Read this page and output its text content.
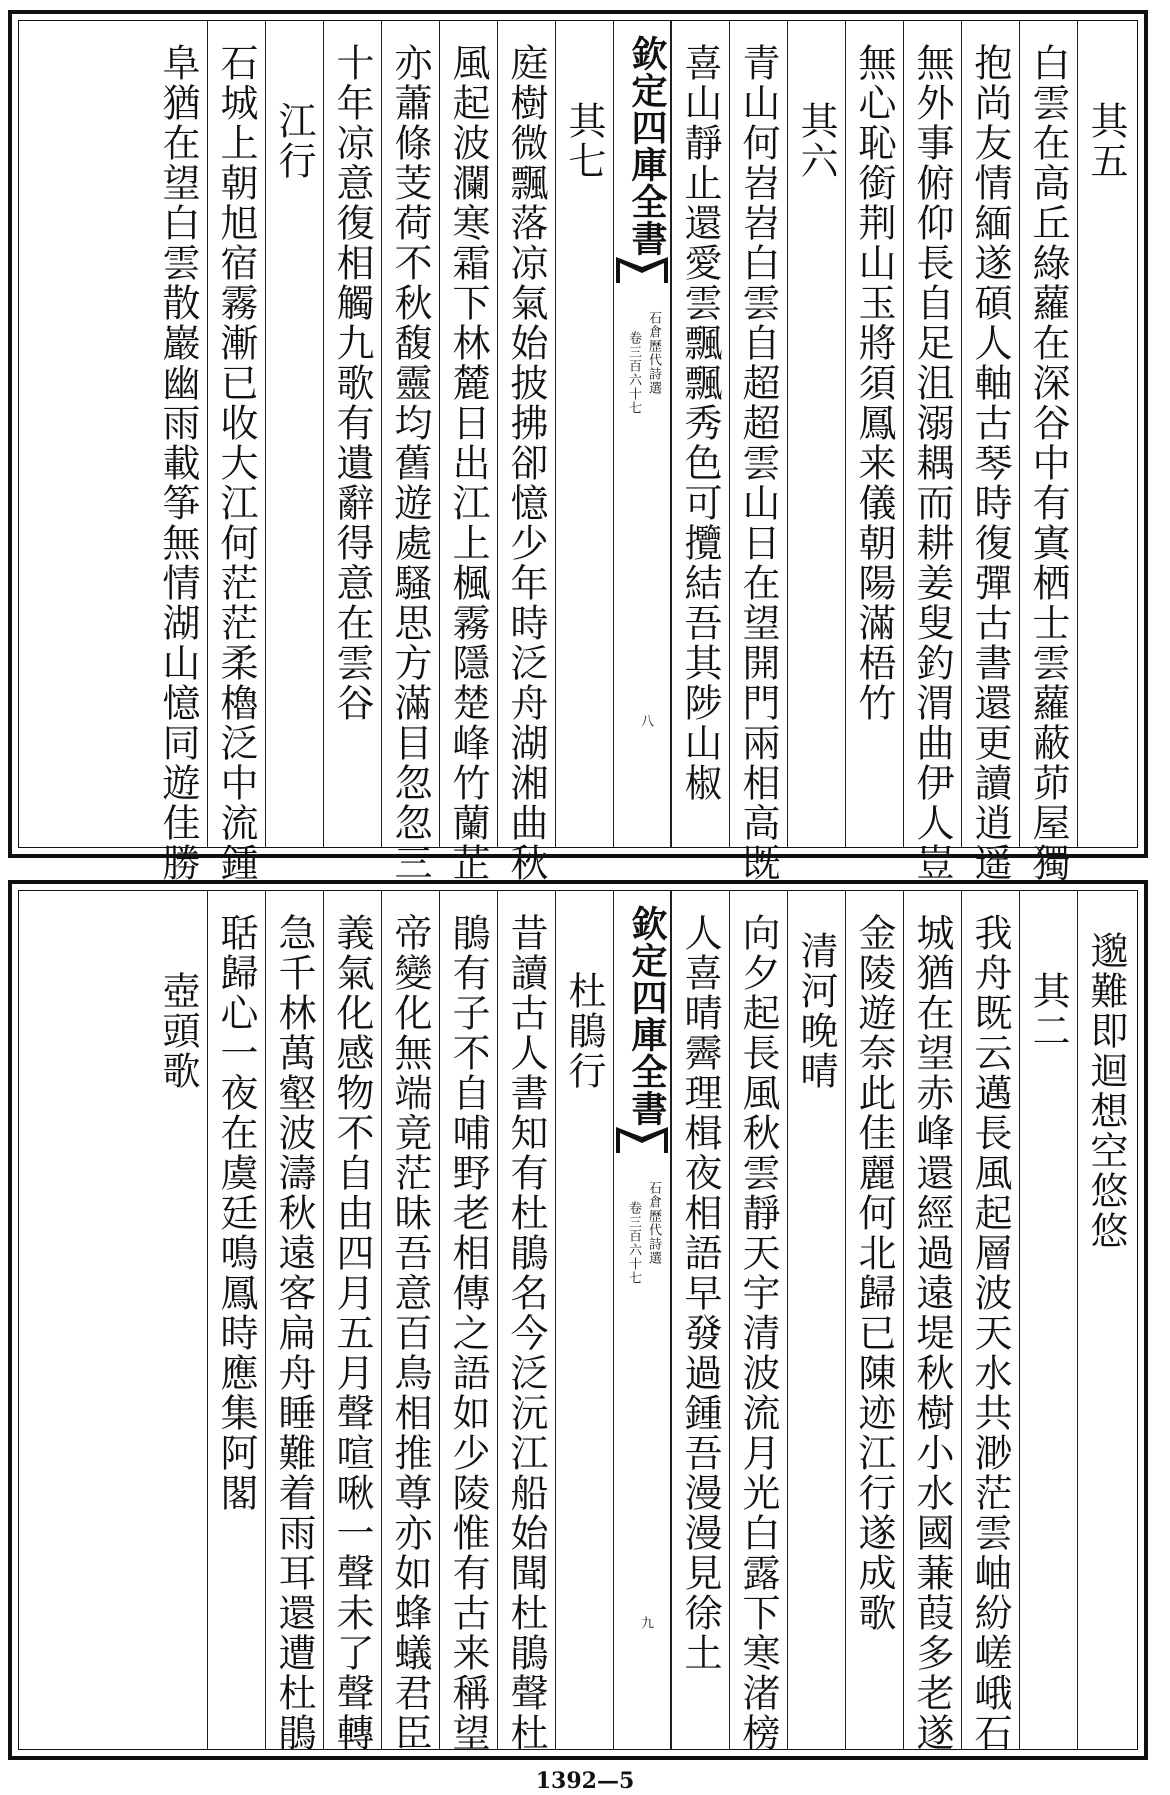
其五
白雲在高丘綠蘿在深谷中有寘栖士雲蘿蔽茆屋獨
抱尚友情緬遂碩人軸古琴時復彈古書還更讀逍遥
無外事俯仰長自足沮溺耦而耕姜叟釣渭曲伊人豈
無心恥銜荆山玉將須鳳来儀朝陽滿梧竹
其六
青山何岧岧白雲自超超雲山日在望開門兩相高既
喜山靜止還愛雲飄飄秀色可攬結吾其陟山椒
欽定四庫全書
石倉歷代詩選
卷三百六十七
八
其七
庭樹微飄落凉氣始披拂卻憶少年時泛舟湖湘曲秋
風起波瀾寒霜下林麓日出江上楓霧隱楚峰竹蘭芷
亦蕭條芰荷不秋馥靈均舊遊處騷思方滿目忽忽三
十年凉意復相觸九歌有遺辭得意在雲谷
江行
石城上朝旭宿霧漸已收大江何茫茫柔櫓泛中流鍾
阜猶在望白雲散巖幽雨載筝無情湖山憶同遊佳勝
邈難即迴想空悠悠
其二
我舟既云邁長風起層波天水共渺茫雲岫紛嵯峨石
城猶在望赤峰還經過遠堤秋樹小水國蒹葭多老遂
金陵遊奈此佳麗何北歸已陳迹江行遂成歌
清河晚晴
向夕起長風秋雲靜天宇清波流月光白露下寒渚榜
人喜晴霽理楫夜相語早發過鍾吾漫漫見徐土
欽定四庫全書
石倉歷代詩選
卷三百六十七
九
杜鵑行
昔讀古人書知有杜鵑名今泛沅江船始聞杜鵑聲杜
鵑有子不自哺野老相傳之語如少陵惟有古来稱望
帝變化無端竟茫昧吾意百鳥相推尊亦如蜂蟻君臣
義氣化感物不自由四月五月聲喧啾一聲未了聲轉
急千林萬壑波濤秋遠客扁舟睡難着雨耳還遭杜鵑
聒歸心一夜在虞廷鳴鳳時應集阿閣
壺頭歌
1392—5
